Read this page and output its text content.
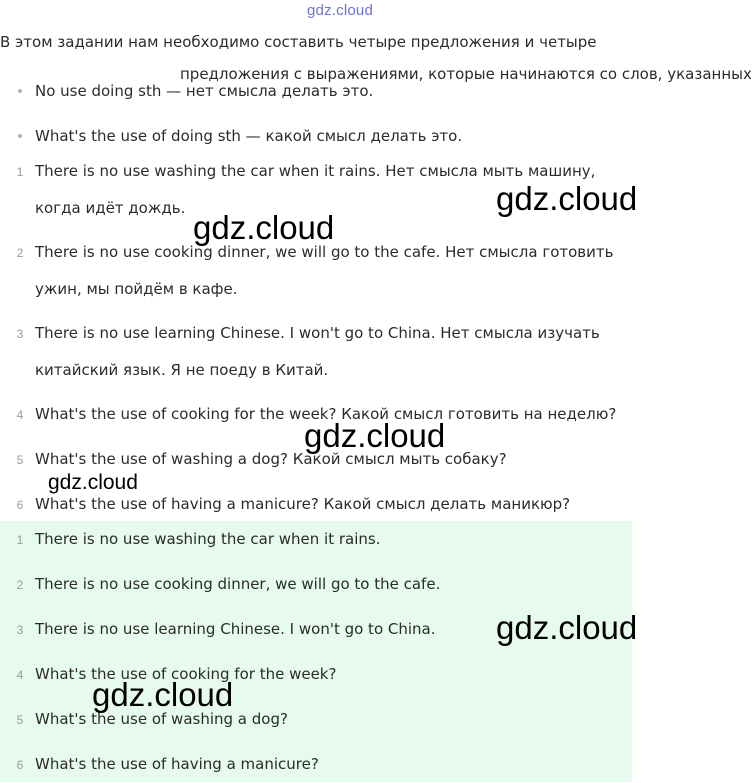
gdz.cloud
В этом задании нам необходимо составить четыре предложения и четыре
предложения с выражениями, которые начинаются со слов, указанных
• No use doing sth — нет смысла делать это.
• What's the use of doing sth — какой смысл делать это.
1 There is no use washing the car when it rains. Нет смысла мыть машину,
когда идёт дождь.
2 There is no use cooking dinner, we will go to the cafe. Нет смысла готовить
ужин, мы пойдём в кафе.
3 There is no use learning Chinese. I won't go to China. Нет смысла изучать
китайский язык. Я не поеду в Китай.
4 What's the use of cooking for the week? Какой смысл готовить на неделю?
5 What's the use of washing a dog? Какой смысл мыть собаку?
6 What's the use of having a manicure? Какой смысл делать маникюр?
1 There is no use washing the car when it rains.
2 There is no use cooking dinner, we will go to the cafe.
3 There is no use learning Chinese. I won't go to China.
4 What's the use of cooking for the week?
5 What's the use of washing a dog?
6 What's the use of having a manicure?
gdz.cloud
gdz.cloud
gdz.cloud
gdz.cloud
gdz.cloud
gdz.cloud
